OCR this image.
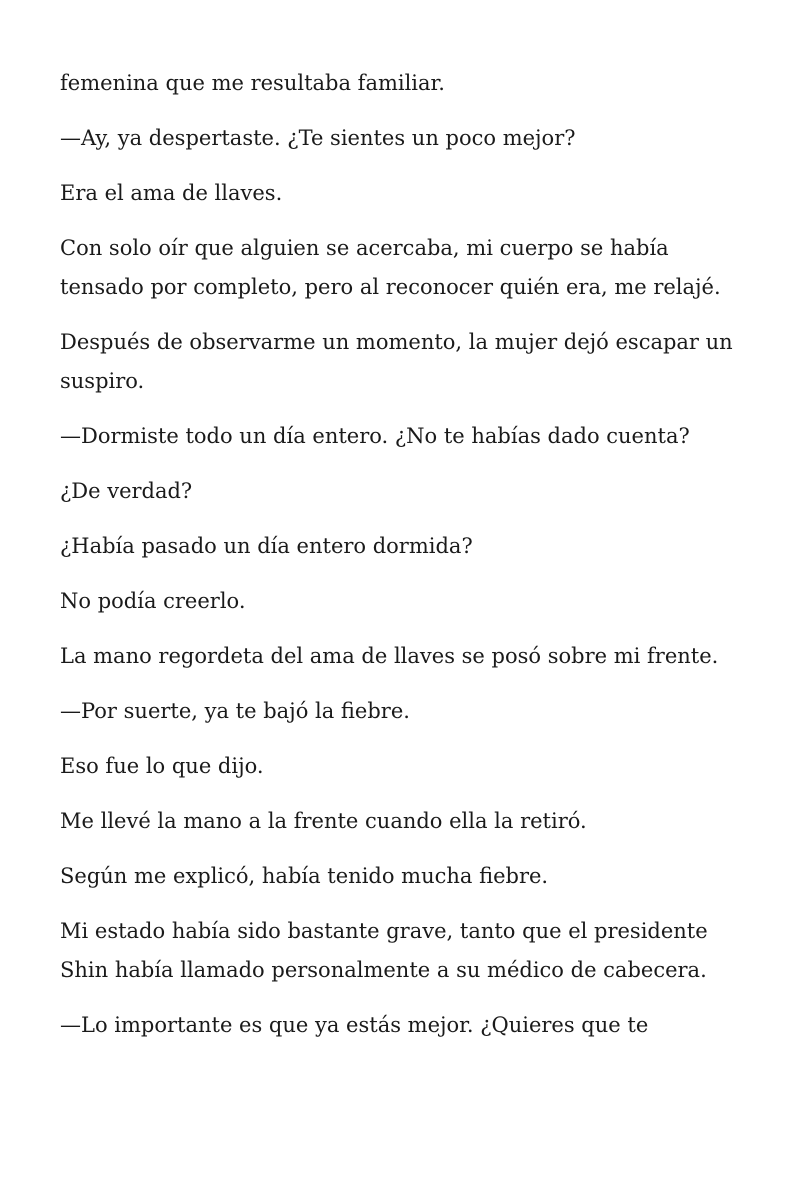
femenina que me resultaba familiar.

—Ay, ya despertaste. ¿Te sientes un poco mejor?

Era el ama de llaves.

Con solo oír que alguien se acercaba, mi cuerpo se había tensado por completo, pero al reconocer quién era, me relajé.

Después de observarme un momento, la mujer dejó escapar un suspiro.

—Dormiste todo un día entero. ¿No te habías dado cuenta?

¿De verdad?

¿Había pasado un día entero dormida?

No podía creerlo.

La mano regordeta del ama de llaves se posó sobre mi frente.

—Por suerte, ya te bajó la fiebre.

Eso fue lo que dijo.

Me llevé la mano a la frente cuando ella la retiró.

Según me explicó, había tenido mucha fiebre.

Mi estado había sido bastante grave, tanto que el presidente Shin había llamado personalmente a su médico de cabecera.

—Lo importante es que ya estás mejor. ¿Quieres que te
